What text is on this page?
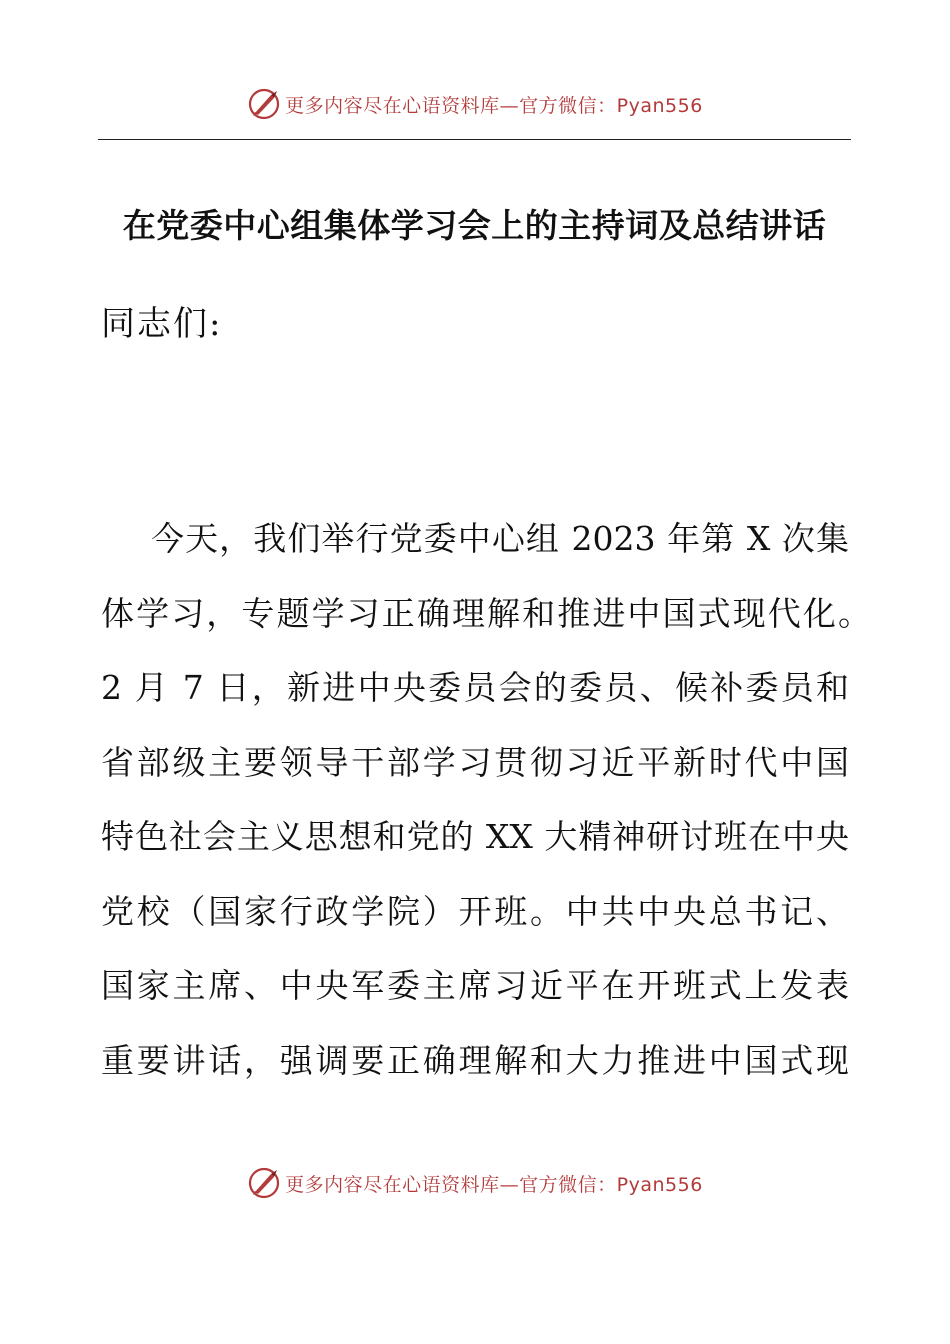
更多内容尽在心语资料库—官方微信：Pyan556
在党委中心组集体学习会上的主持词及总结讲话
同志们:
今天，我们举行党委中心组 2023 年第 X 次集
体学习，专题学习正确理解和推进中国式现代化。
2 月 7 日，新进中央委员会的委员、候补委员和
省部级主要领导干部学习贯彻习近平新时代中国
特色社会主义思想和党的 XX 大精神研讨班在中央
党校（国家行政学院）开班。中共中央总书记、
国家主席、中央军委主席习近平在开班式上发表
重要讲话，强调要正确理解和大力推进中国式现
更多内容尽在心语资料库—官方微信：Pyan556
